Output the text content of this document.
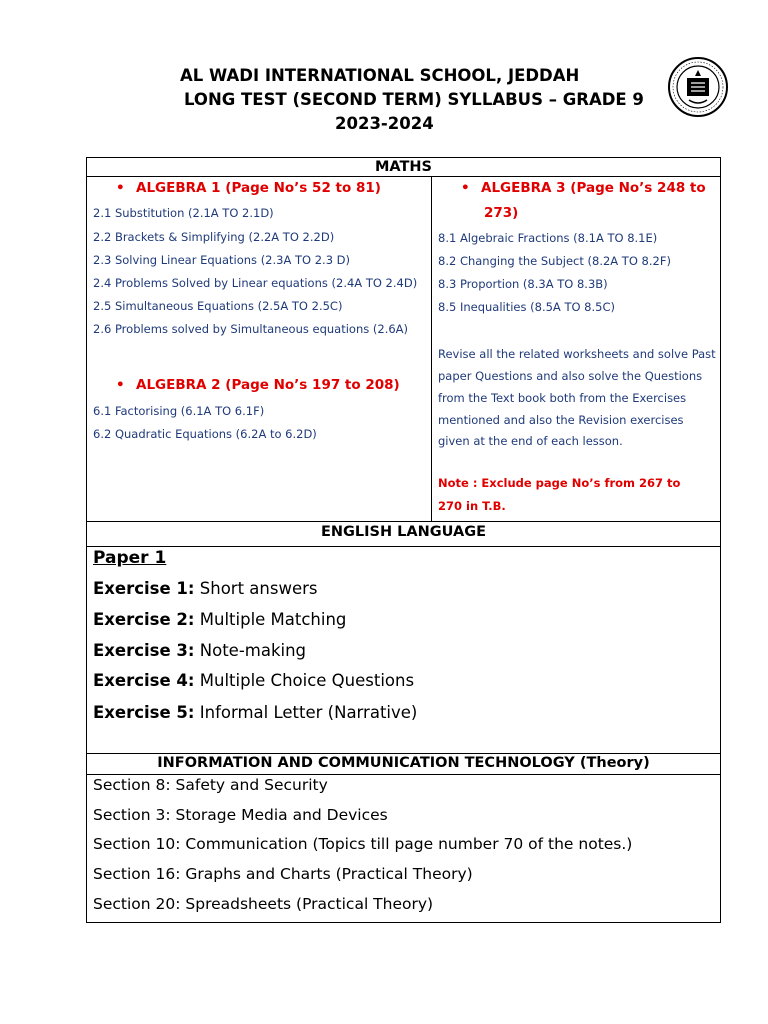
AL WADI INTERNATIONAL SCHOOL, JEDDAH
LONG TEST (SECOND TERM) SYLLABUS – GRADE 9
2023-2024
MATHS
• ALGEBRA 1 (Page No’s 52 to 81)
2.1 Substitution (2.1A TO 2.1D)
2.2 Brackets & Simplifying (2.2A TO 2.2D)
2.3 Solving Linear Equations (2.3A TO 2.3 D)
2.4 Problems Solved by Linear equations (2.4A TO 2.4D)
2.5 Simultaneous Equations (2.5A TO 2.5C)
2.6 Problems solved by Simultaneous equations (2.6A)
• ALGEBRA 2 (Page No’s 197 to 208)
6.1 Factorising (6.1A TO 6.1F)
6.2 Quadratic Equations (6.2A to 6.2D)
• ALGEBRA 3 (Page No’s 248 to
273)
8.1 Algebraic Fractions (8.1A TO 8.1E)
8.2 Changing the Subject (8.2A TO 8.2F)
8.3 Proportion (8.3A TO 8.3B)
8.5 Inequalities (8.5A TO 8.5C)
Revise all the related worksheets and solve Past
paper Questions and also solve the Questions
from the Text book both from the Exercises
mentioned and also the Revision exercises
given at the end of each lesson.
Note : Exclude page No’s from 267 to
270 in T.B.
ENGLISH LANGUAGE
Paper 1
Exercise 1: Short answers
Exercise 2: Multiple Matching
Exercise 3: Note-making
Exercise 4: Multiple Choice Questions
Exercise 5: Informal Letter (Narrative)
INFORMATION AND COMMUNICATION TECHNOLOGY (Theory)
Section 8: Safety and Security
Section 3: Storage Media and Devices
Section 10: Communication (Topics till page number 70 of the notes.)
Section 16: Graphs and Charts (Practical Theory)
Section 20: Spreadsheets (Practical Theory)
